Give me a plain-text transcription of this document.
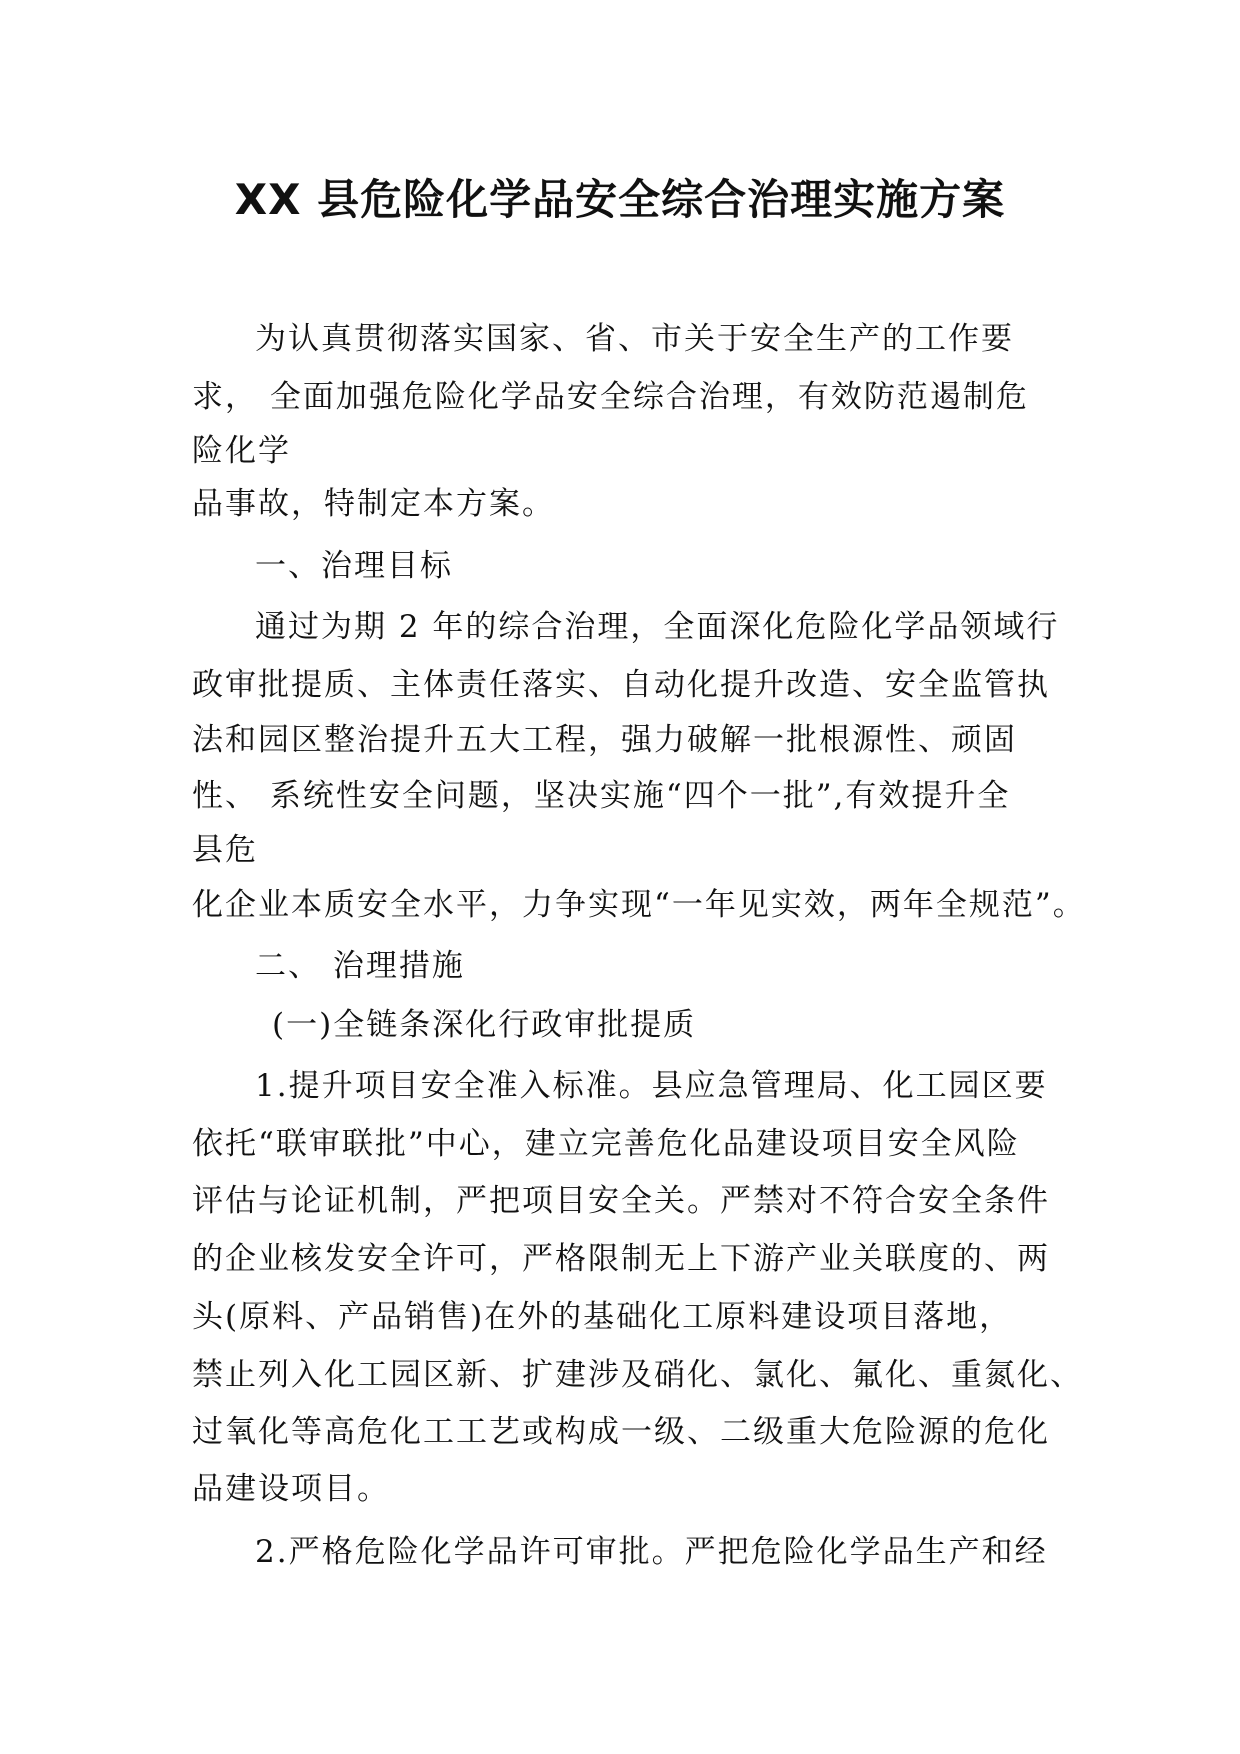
XX 县危险化学品安全综合治理实施方案
为认真贯彻落实国家、省、市关于安全生产的工作要
求， 全面加强危险化学品安全综合治理，有效防范遏制危
险化学
品事故，特制定本方案。
一、治理目标
通过为期 2 年的综合治理，全面深化危险化学品领域行
政审批提质、主体责任落实、自动化提升改造、安全监管执
法和园区整治提升五大工程，强力破解一批根源性、顽固
性、 系统性安全问题，坚决实施“四个一批”,有效提升全
县危
化企业本质安全水平，力争实现“一年见实效，两年全规范”。
二、 治理措施
(一)全链条深化行政审批提质
1.提升项目安全准入标准。县应急管理局、化工园区要
依托“联审联批”中心，建立完善危化品建设项目安全风险
评估与论证机制，严把项目安全关。严禁对不符合安全条件
的企业核发安全许可，严格限制无上下游产业关联度的、两
头(原料、产品销售)在外的基础化工原料建设项目落地，
禁止列入化工园区新、扩建涉及硝化、氯化、氟化、重氮化、
过氧化等高危化工工艺或构成一级、二级重大危险源的危化
品建设项目。
2.严格危险化学品许可审批。严把危险化学品生产和经
